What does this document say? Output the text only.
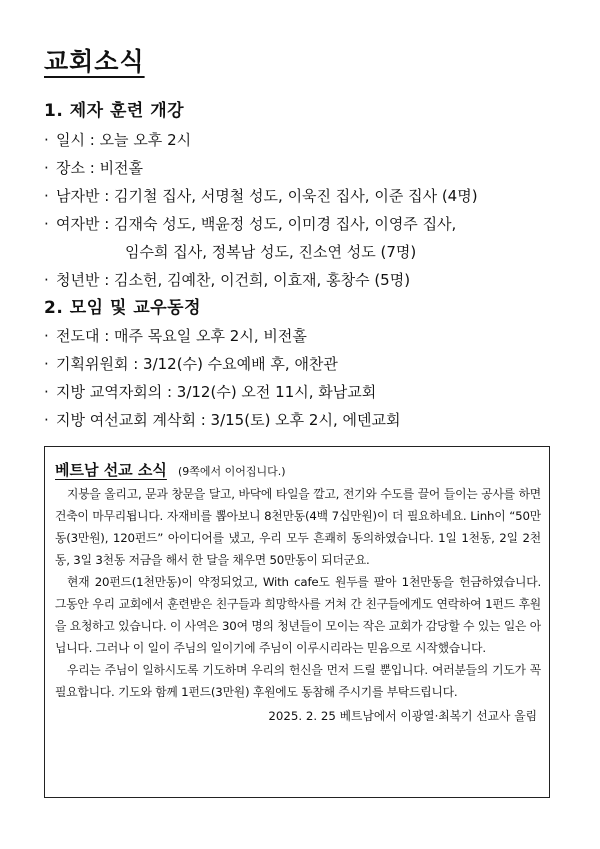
교회소식
1. 제자 훈련 개강
· 일시 : 오늘 오후 2시
· 장소 : 비전홀
· 남자반 : 김기철 집사, 서명철 성도, 이욱진 집사, 이준 집사 (4명)
· 여자반 : 김재숙 성도, 백윤정 성도, 이미경 집사, 이영주 집사,
임수희 집사, 정복남 성도, 진소연 성도 (7명)
· 청년반 : 김소헌, 김예찬, 이건희, 이효재, 홍창수 (5명)
2. 모임 및 교우동정
· 전도대 : 매주 목요일 오후 2시, 비전홀
· 기획위원회 : 3/12(수) 수요예배 후, 애찬관
· 지방 교역자회의 : 3/12(수) 오전 11시, 화남교회
· 지방 여선교회 계삭회 : 3/15(토) 오후 2시, 에덴교회
베트남 선교 소식 (9쪽에서 이어집니다.)

지붕을 올리고, 문과 창문을 달고, 바닥에 타일을 깔고, 전기와 수도를 끌어 들이는 공사를 하면 건축이 마무리됩니다. 자재비를 뽑아보니 8천만동(4백 7십만원)이 더 필요하네요. Linh이 “50만동(3만원), 120펀드” 아이디어를 냈고, 우리 모두 흔쾌히 동의하였습니다. 1일 1천동, 2일 2천동, 3일 3천동 저금을 해서 한 달을 채우면 50만동이 되더군요.

현재 20펀드(1천만동)이 약정되었고, With cafe도 원두를 팔아 1천만동을 헌금하였습니다. 그동안 우리 교회에서 훈련받은 친구들과 희망학사를 거쳐 간 친구들에게도 연락하여 1펀드 후원을 요청하고 있습니다. 이 사역은 30여 명의 청년들이 모이는 작은 교회가 감당할 수 있는 일은 아닙니다. 그러나 이 일이 주님의 일이기에 주님이 이루시리라는 믿음으로 시작했습니다.

우리는 주님이 일하시도록 기도하며 우리의 헌신을 먼저 드릴 뿐입니다. 여러분들의 기도가 꼭 필요합니다. 기도와 함께 1펀드(3만원) 후원에도 동참해 주시기를 부탁드립니다.

2025. 2. 25 베트남에서 이광열·최복기 선교사 올림
